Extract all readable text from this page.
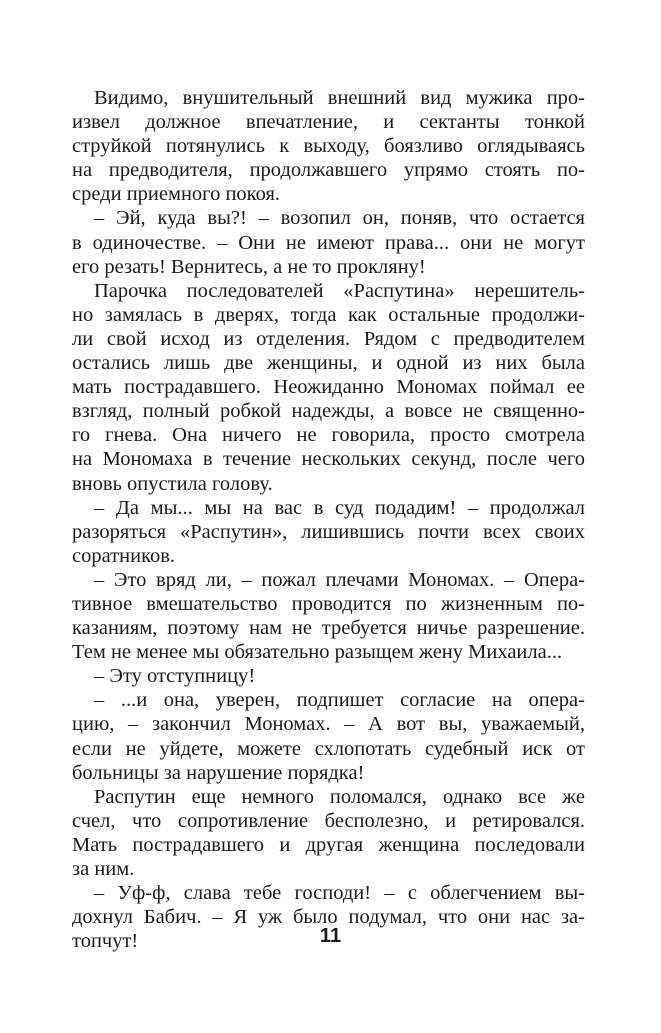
Видимо, внушительный внешний вид мужика про-
извел должное впечатление, и сектанты тонкой
струйкой потянулись к выходу, боязливо оглядываясь
на предводителя, продолжавшего упрямо стоять по-
среди приемного покоя.
– Эй, куда вы?! – возопил он, поняв, что остается
в одиночестве. – Они не имеют права... они не могут
его резать! Вернитесь, а не то прокляну!
Парочка последователей «Распутина» нерешитель-
но замялась в дверях, тогда как остальные продолжи-
ли свой исход из отделения. Рядом с предводителем
остались лишь две женщины, и одной из них была
мать пострадавшего. Неожиданно Мономах поймал ее
взгляд, полный робкой надежды, а вовсе не священно-
го гнева. Она ничего не говорила, просто смотрела
на Мономаха в течение нескольких секунд, после чего
вновь опустила голову.
– Да мы... мы на вас в суд подадим! – продолжал
разоряться «Распутин», лишившись почти всех своих
соратников.
– Это вряд ли, – пожал плечами Мономах. – Опера-
тивное вмешательство проводится по жизненным по-
казаниям, поэтому нам не требуется ничье разрешение.
Тем не менее мы обязательно разыщем жену Михаила...
– Эту отступницу!
– ...и она, уверен, подпишет согласие на опера-
цию, – закончил Мономах. – А вот вы, уважаемый,
если не уйдете, можете схлопотать судебный иск от
больницы за нарушение порядка!
Распутин еще немного поломался, однако все же
счел, что сопротивление бесполезно, и ретировался.
Мать пострадавшего и другая женщина последовали
за ним.
– Уф-ф, слава тебе господи! – с облегчением вы-
дохнул Бабич. – Я уж было подумал, что они нас за-
топчут!	11
